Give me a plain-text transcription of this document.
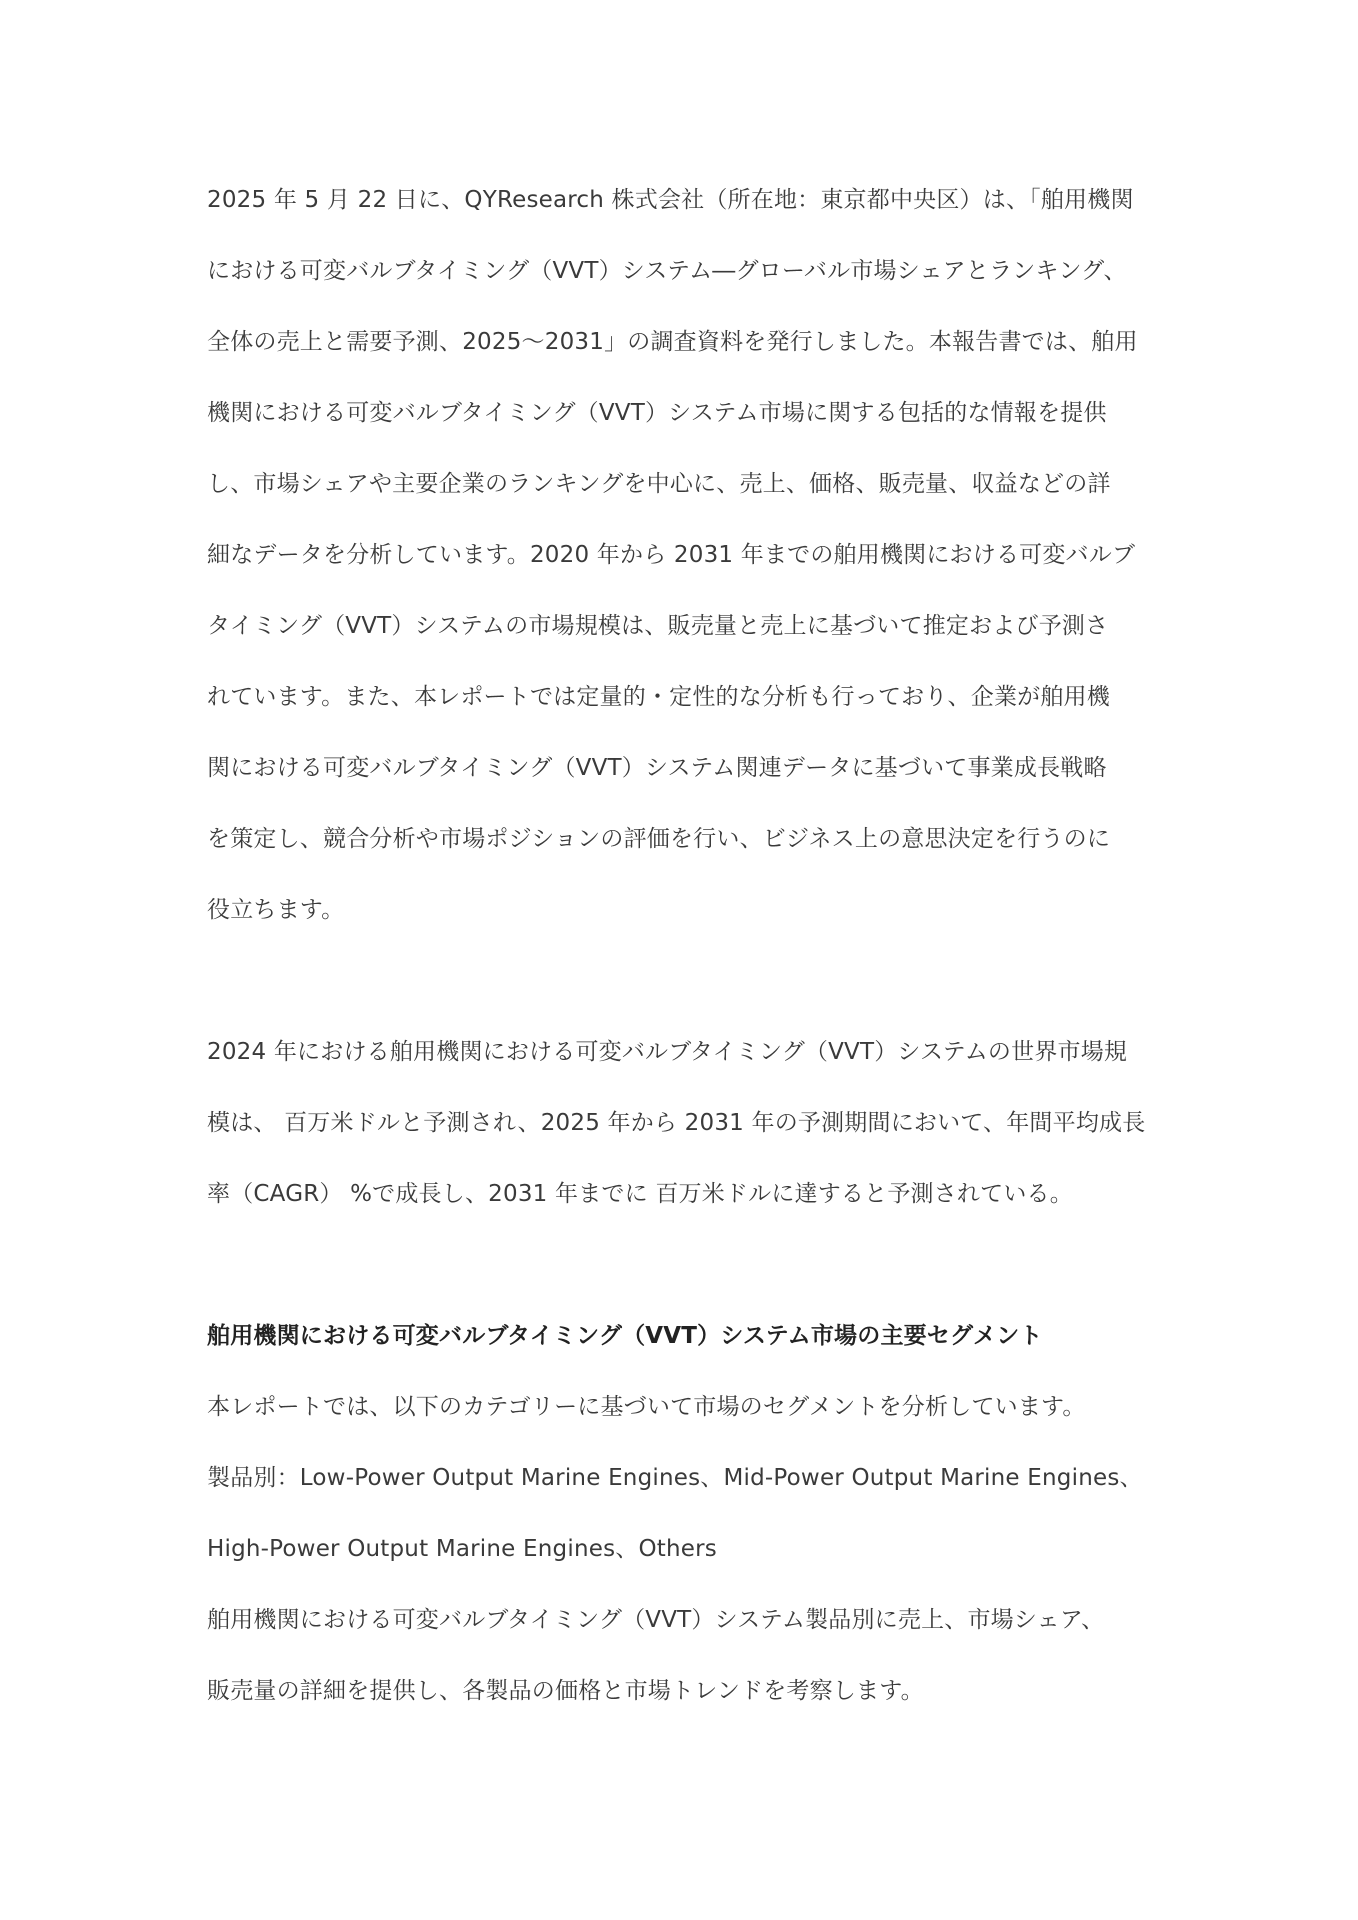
2025 年 5 月 22 日に、QYResearch 株式会社（所在地：東京都中央区）は、「舶用機関
における可変バルブタイミング（VVT）システム―グローバル市場シェアとランキング、
全体の売上と需要予測、2025～2031」の調査資料を発行しました。本報告書では、舶用
機関における可変バルブタイミング（VVT）システム市場に関する包括的な情報を提供
し、市場シェアや主要企業のランキングを中心に、売上、価格、販売量、収益などの詳
細なデータを分析しています。2020 年から 2031 年までの舶用機関における可変バルブ
タイミング（VVT）システムの市場規模は、販売量と売上に基づいて推定および予測さ
れています。また、本レポートでは定量的・定性的な分析も行っており、企業が舶用機
関における可変バルブタイミング（VVT）システム関連データに基づいて事業成長戦略
を策定し、競合分析や市場ポジションの評価を行い、ビジネス上の意思決定を行うのに
役立ちます。
2024 年における舶用機関における可変バルブタイミング（VVT）システムの世界市場規
模は、 百万米ドルと予測され、2025 年から 2031 年の予測期間において、年間平均成長
率（CAGR） %で成長し、2031 年までに 百万米ドルに達すると予測されている。
舶用機関における可変バルブタイミング（VVT）システム市場の主要セグメント
本レポートでは、以下のカテゴリーに基づいて市場のセグメントを分析しています。
製品別：Low-Power Output Marine Engines、Mid-Power Output Marine Engines、
High-Power Output Marine Engines、Others
舶用機関における可変バルブタイミング（VVT）システム製品別に売上、市場シェア、
販売量の詳細を提供し、各製品の価格と市場トレンドを考察します。
